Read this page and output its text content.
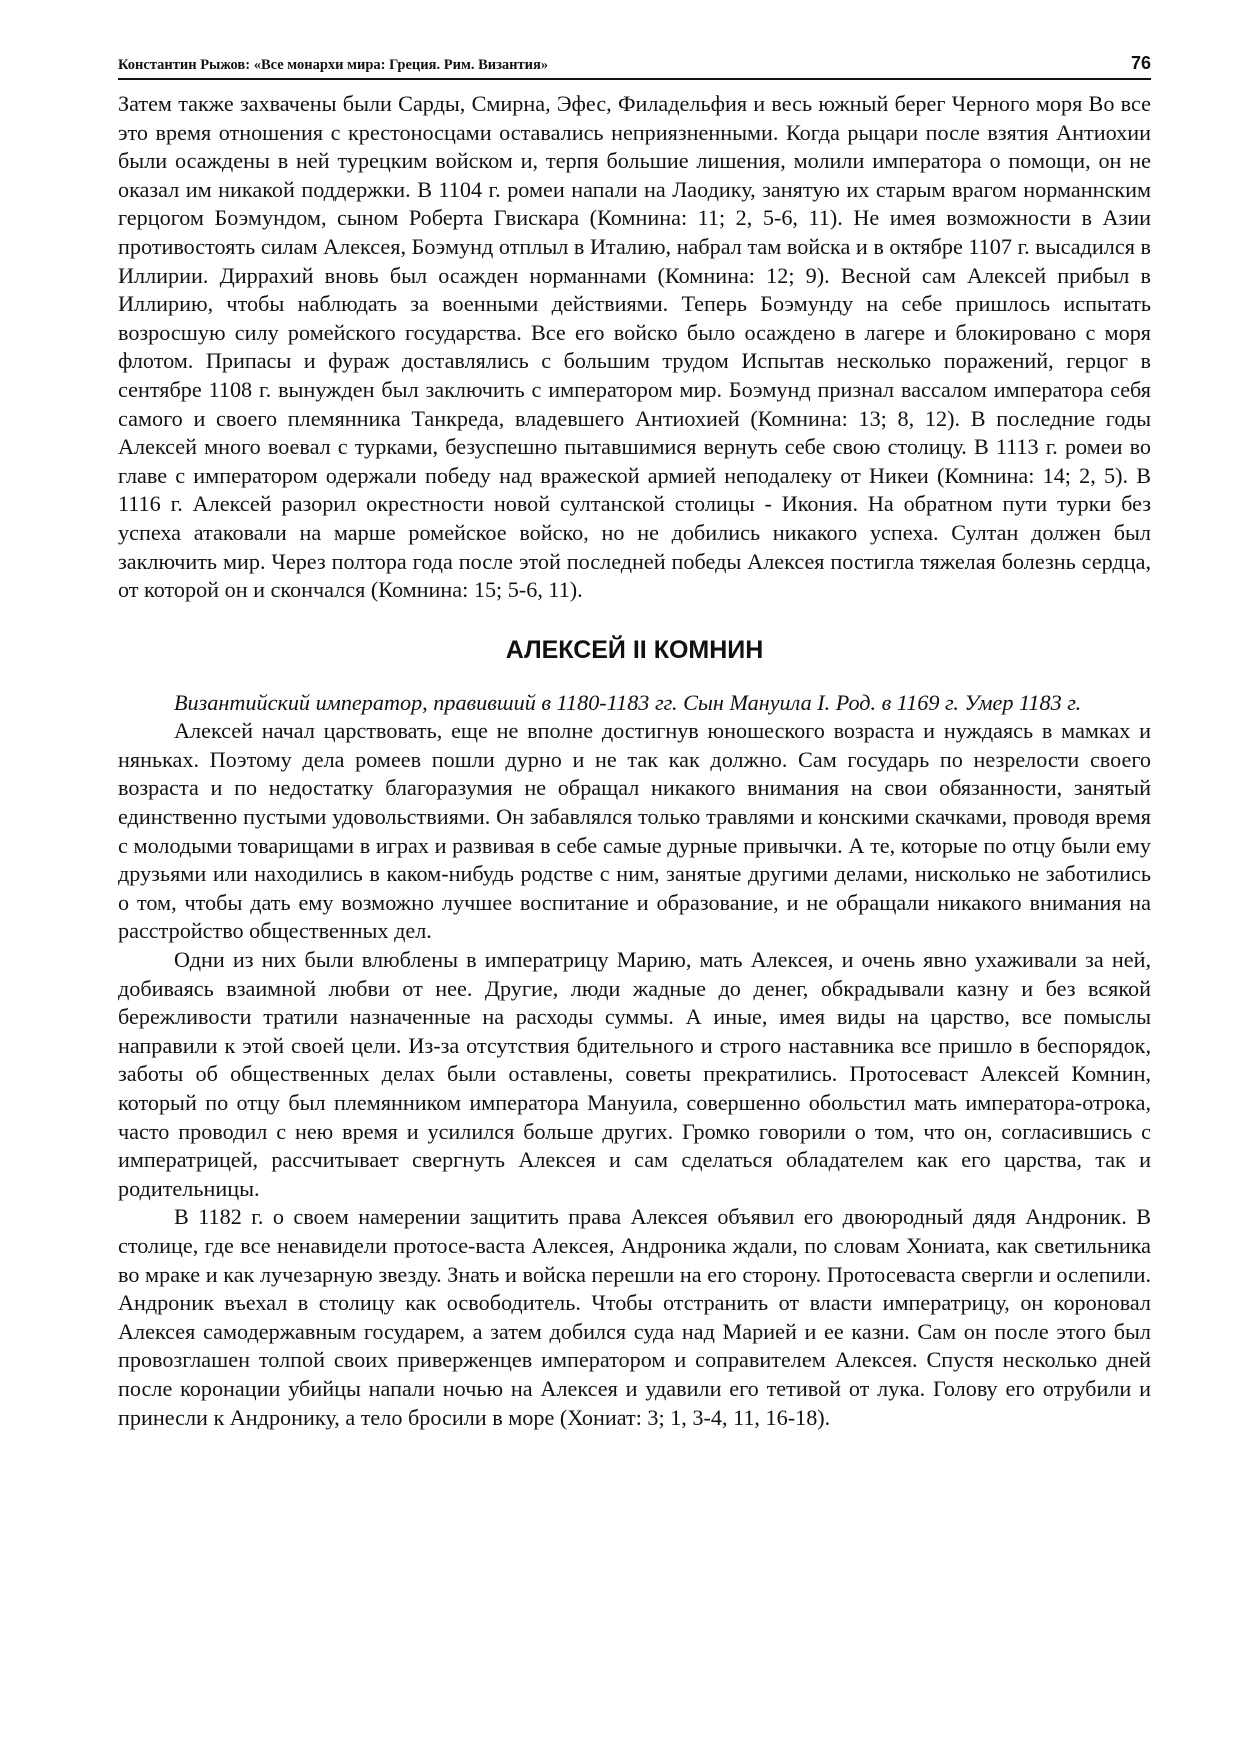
Константин Рыжов: «Все монархи мира: Греция. Рим. Византия»	76

Затем также захвачены были Сарды, Смирна, Эфес, Филадельфия и весь южный берег Черного моря Во все это время отношения с крестоносцами оставались неприязненными. Когда рыцари после взятия Антиохии были осаждены в ней турецким войском и, терпя большие лишения, молили императора о помощи, он не оказал им никакой поддержки. В 1104 г. ромеи напали на Лаодику, занятую их старым врагом норманнским герцогом Боэмундом, сыном Роберта Гвискара (Комнина: 11; 2, 5-6, 11). Не имея возможности в Азии противостоять силам Алексея, Боэмунд отплыл в Италию, набрал там войска и в октябре 1107 г. высадился в Иллирии. Диррахий вновь был осажден норманнами (Комнина: 12; 9). Весной сам Алексей прибыл в Иллирию, чтобы наблюдать за военными действиями. Теперь Боэмунду на себе пришлось испытать возросшую силу ромейского государства. Все его войско было осаждено в лагере и блокировано с моря флотом. Припасы и фураж доставлялись с большим трудом Испытав несколько поражений, герцог в сентябре 1108 г. вынужден был заключить с императором мир. Боэмунд признал вассалом императора себя самого и своего племянника Танкреда, владевшего Антиохией (Комнина: 13; 8, 12). В последние годы Алексей много воевал с турками, безуспешно пытавшимися вернуть себе свою столицу. В 1113 г. ромеи во главе с императором одержали победу над вражеской армией неподалеку от Никеи (Комнина: 14; 2, 5). В 1116 г. Алексей разорил окрестности новой султанской столицы - Икония. На обратном пути турки без успеха атаковали на марше ромейское войско, но не добились никакого успеха. Султан должен был заключить мир. Через полтора года после этой последней победы Алексея постигла тяжелая болезнь сердца, от которой он и скончался (Комнина: 15; 5-6, 11).

АЛЕКСЕЙ II КОМНИН

Византийский император, правивший в 1180-1183 гг. Сын Мануила I. Род. в 1169 г. Умер 1183 г.

Алексей начал царствовать, еще не вполне достигнув юношеского возраста и нуждаясь в мамках и няньках. Поэтому дела ромеев пошли дурно и не так как должно. Сам государь по незрелости своего возраста и по недостатку благоразумия не обращал никакого внимания на свои обязанности, занятый единственно пустыми удовольствиями. Он забавлялся только травлями и конскими скачками, проводя время с молодыми товарищами в играх и развивая в себе самые дурные привычки. А те, которые по отцу были ему друзьями или находились в каком-нибудь родстве с ним, занятые другими делами, нисколько не заботились о том, чтобы дать ему возможно лучшее воспитание и образование, и не обращали никакого внимания на расстройство общественных дел.

Одни из них были влюблены в императрицу Марию, мать Алексея, и очень явно ухаживали за ней, добиваясь взаимной любви от нее. Другие, люди жадные до денег, обкрадывали казну и без всякой бережливости тратили назначенные на расходы суммы. А иные, имея виды на царство, все помыслы направили к этой своей цели. Из-за отсутствия бдительного и строго наставника все пришло в беспорядок, заботы об общественных делах были оставлены, советы прекратились. Протосеваст Алексей Комнин, который по отцу был племянником императора Мануила, совершенно обольстил мать императора-отрока, часто проводил с нею время и усилился больше других. Громко говорили о том, что он, согласившись с императрицей, рассчитывает свергнуть Алексея и сам сделаться обладателем как его царства, так и родительницы.

В 1182 г. о своем намерении защитить права Алексея объявил его двоюродный дядя Андроник. В столице, где все ненавидели протосе-васта Алексея, Андроника ждали, по словам Хониата, как светильника во мраке и как лучезарную звезду. Знать и войска перешли на его сторону. Протосеваста свергли и ослепили. Андроник въехал в столицу как освободитель. Чтобы отстранить от власти императрицу, он короновал Алексея самодержавным государем, а затем добился суда над Марией и ее казни. Сам он после этого был провозглашен толпой своих приверженцев императором и соправителем Алексея. Спустя несколько дней после коронации убийцы напали ночью на Алексея и удавили его тетивой от лука. Голову его отрубили и принесли к Андронику, а тело бросили в море (Хониат: 3; 1, 3-4, 11, 16-18).
